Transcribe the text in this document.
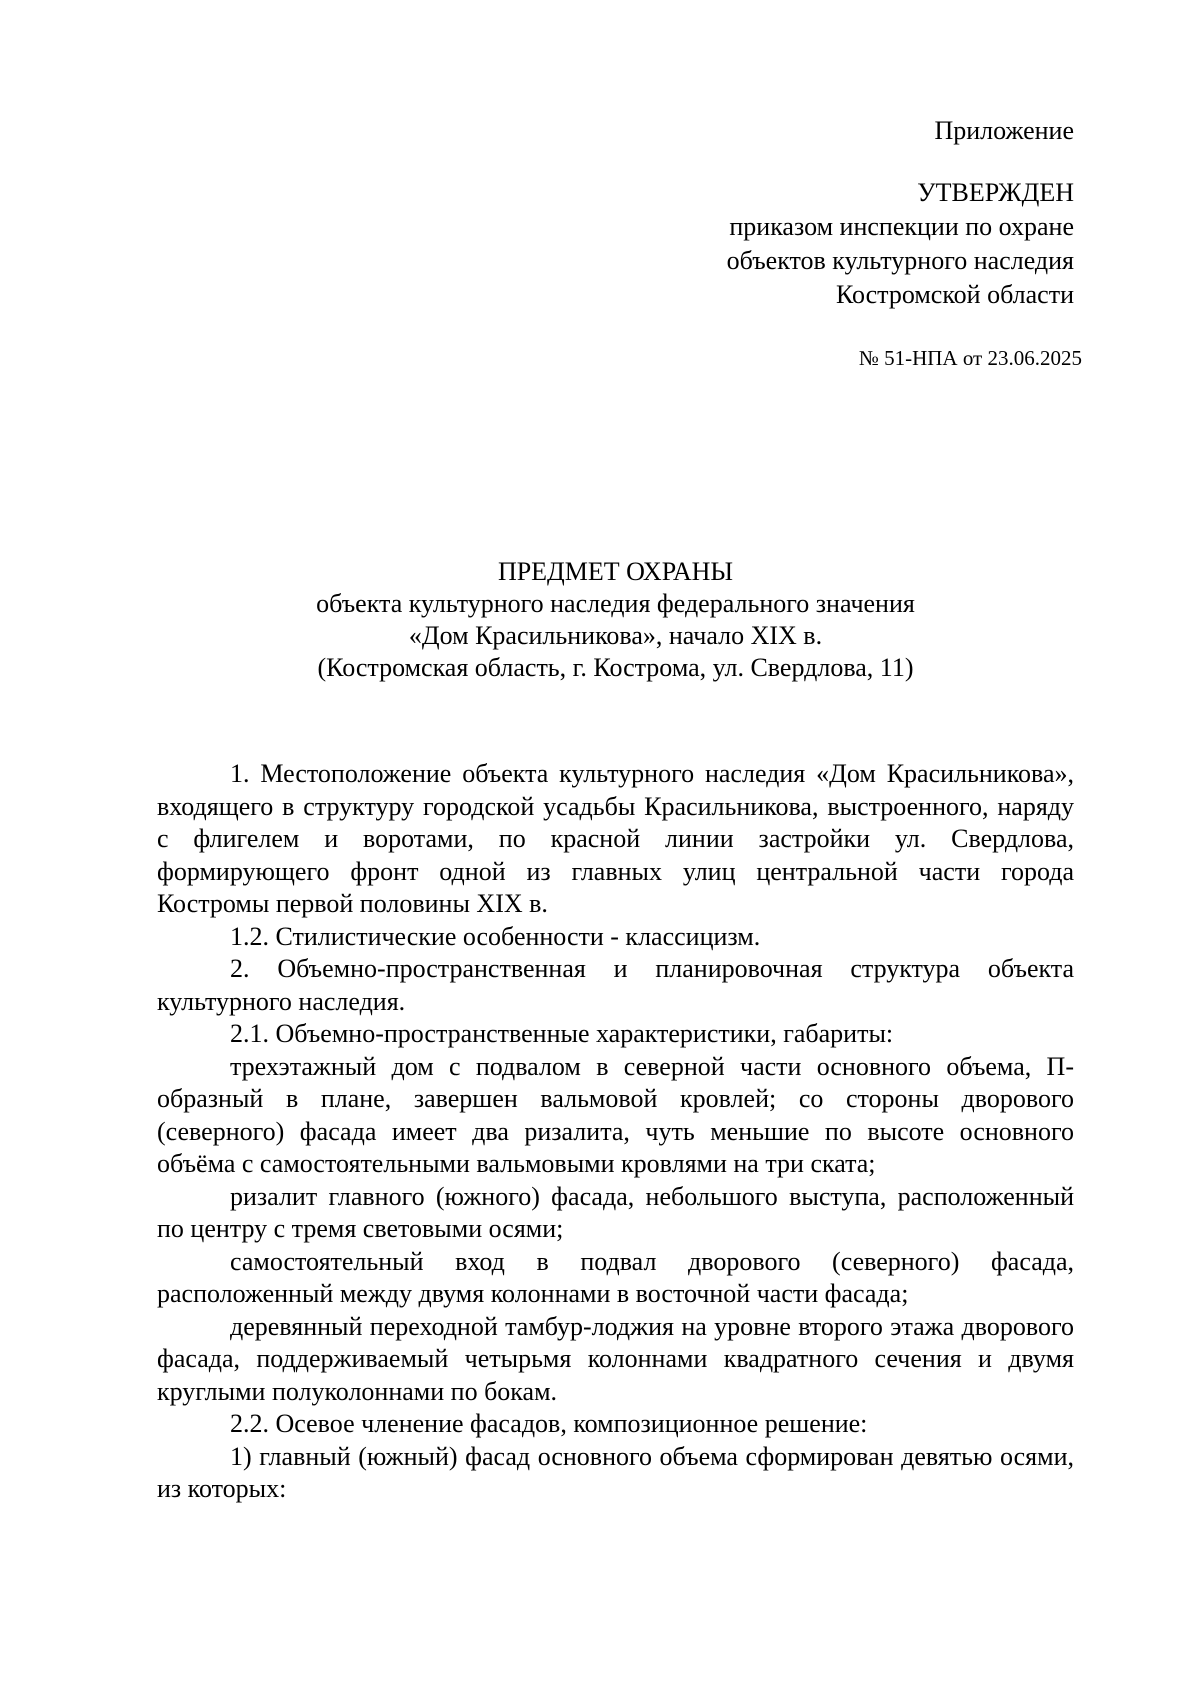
Приложение
УТВЕРЖДЕН
приказом инспекции по охране
объектов культурного наследия
Костромской области
№ 51-НПА от 23.06.2025
ПРЕДМЕТ ОХРАНЫ
объекта культурного наследия федерального значения
«Дом Красильникова», начало XIX в.
(Костромская область, г. Кострома, ул. Свердлова, 11)

1. Местоположение объекта культурного наследия «Дом Красильникова», входящего в структуру городской усадьбы Красильникова, выстроенного, наряду с флигелем и воротами, по красной линии застройки ул. Свердлова, формирующего фронт одной из главных улиц центральной части города Костромы первой половины XIX в.

1.2. Стилистические особенности - классицизм.

2. Объемно-пространственная и планировочная структура объекта культурного наследия.

2.1. Объемно-пространственные характеристики, габариты:

трехэтажный дом с подвалом в северной части основного объема, П-образный в плане, завершен вальмовой кровлей; со стороны дворового (северного) фасада имеет два ризалита, чуть меньшие по высоте основного объёма с самостоятельными вальмовыми кровлями на три ската;

ризалит главного (южного) фасада, небольшого выступа, расположенный по центру с тремя световыми осями;

самостоятельный вход в подвал дворового (северного) фасада, расположенный между двумя колоннами в восточной части фасада;

деревянный переходной тамбур-лоджия на уровне второго этажа дворового фасада, поддерживаемый четырьмя колоннами квадратного сечения и двумя круглыми полуколоннами по бокам.

2.2. Осевое членение фасадов, композиционное решение:

1) главный (южный) фасад основного объема сформирован девятью осями, из которых:
